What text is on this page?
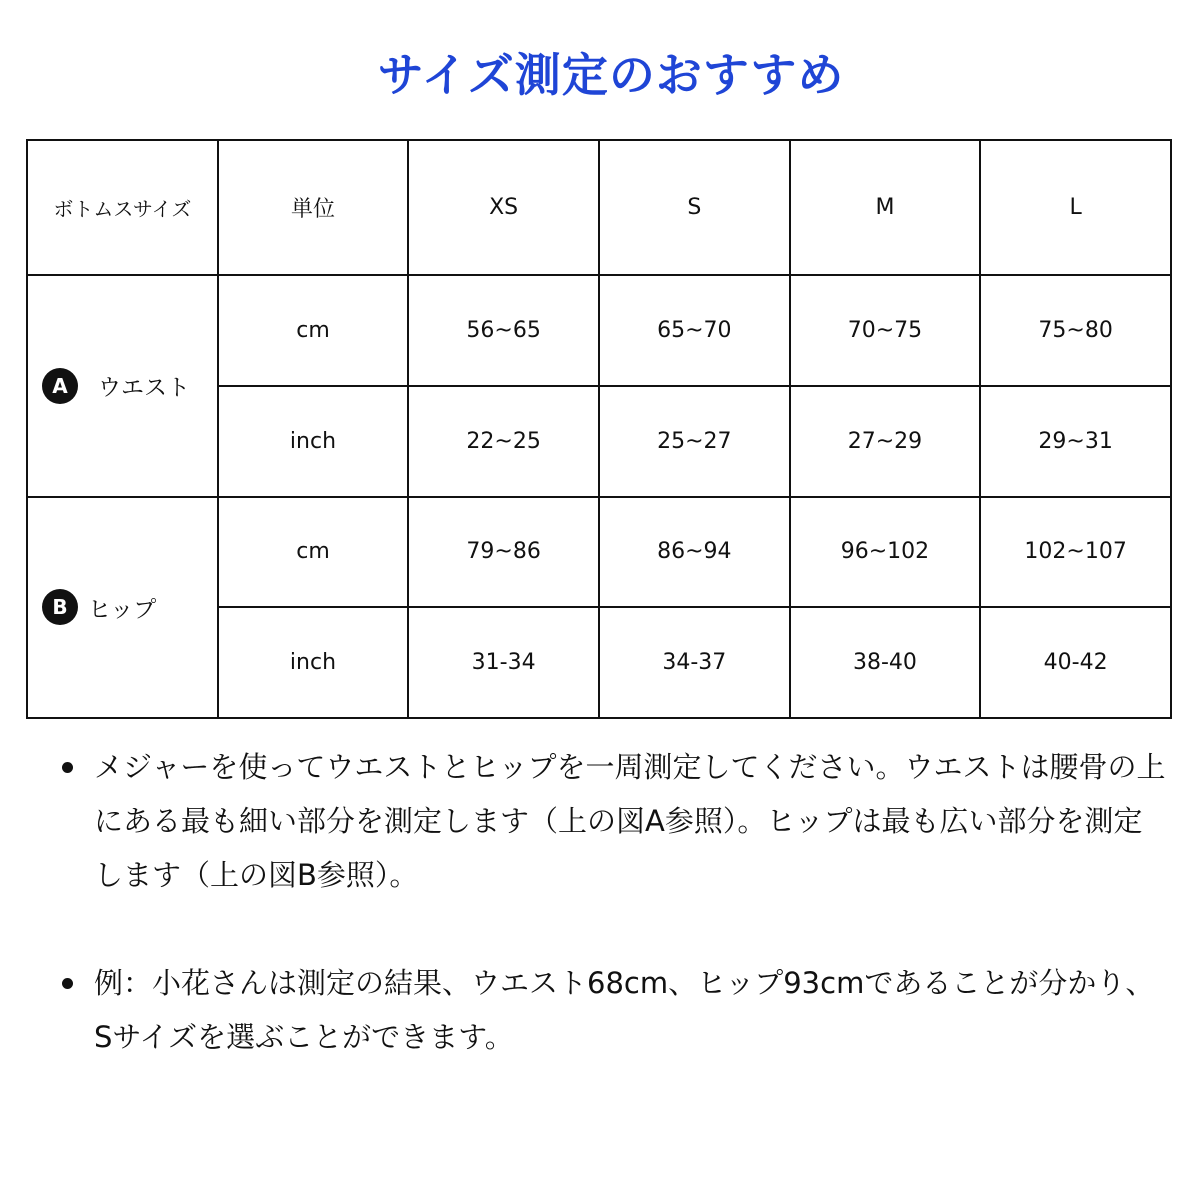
サイズ測定のおすすめ
ボトムスサイズ	単位	XS	S	M	L
A ウエスト	cm	56~65	65~70	70~75	75~80
	inch	22~25	25~27	27~29	29~31
B ヒップ	cm	79~86	86~94	96~102	102~107
	inch	31-34	34-37	38-40	40-42
メジャーを使ってウエストとヒップを一周測定してください。ウエストは腰骨の上にある最も細い部分を測定します（上の図A参照）。ヒップは最も広い部分を測定します（上の図B参照）。
例：小花さんは測定の結果、ウエスト68cm、ヒップ93cmであることが分かり、Sサイズを選ぶことができます。
